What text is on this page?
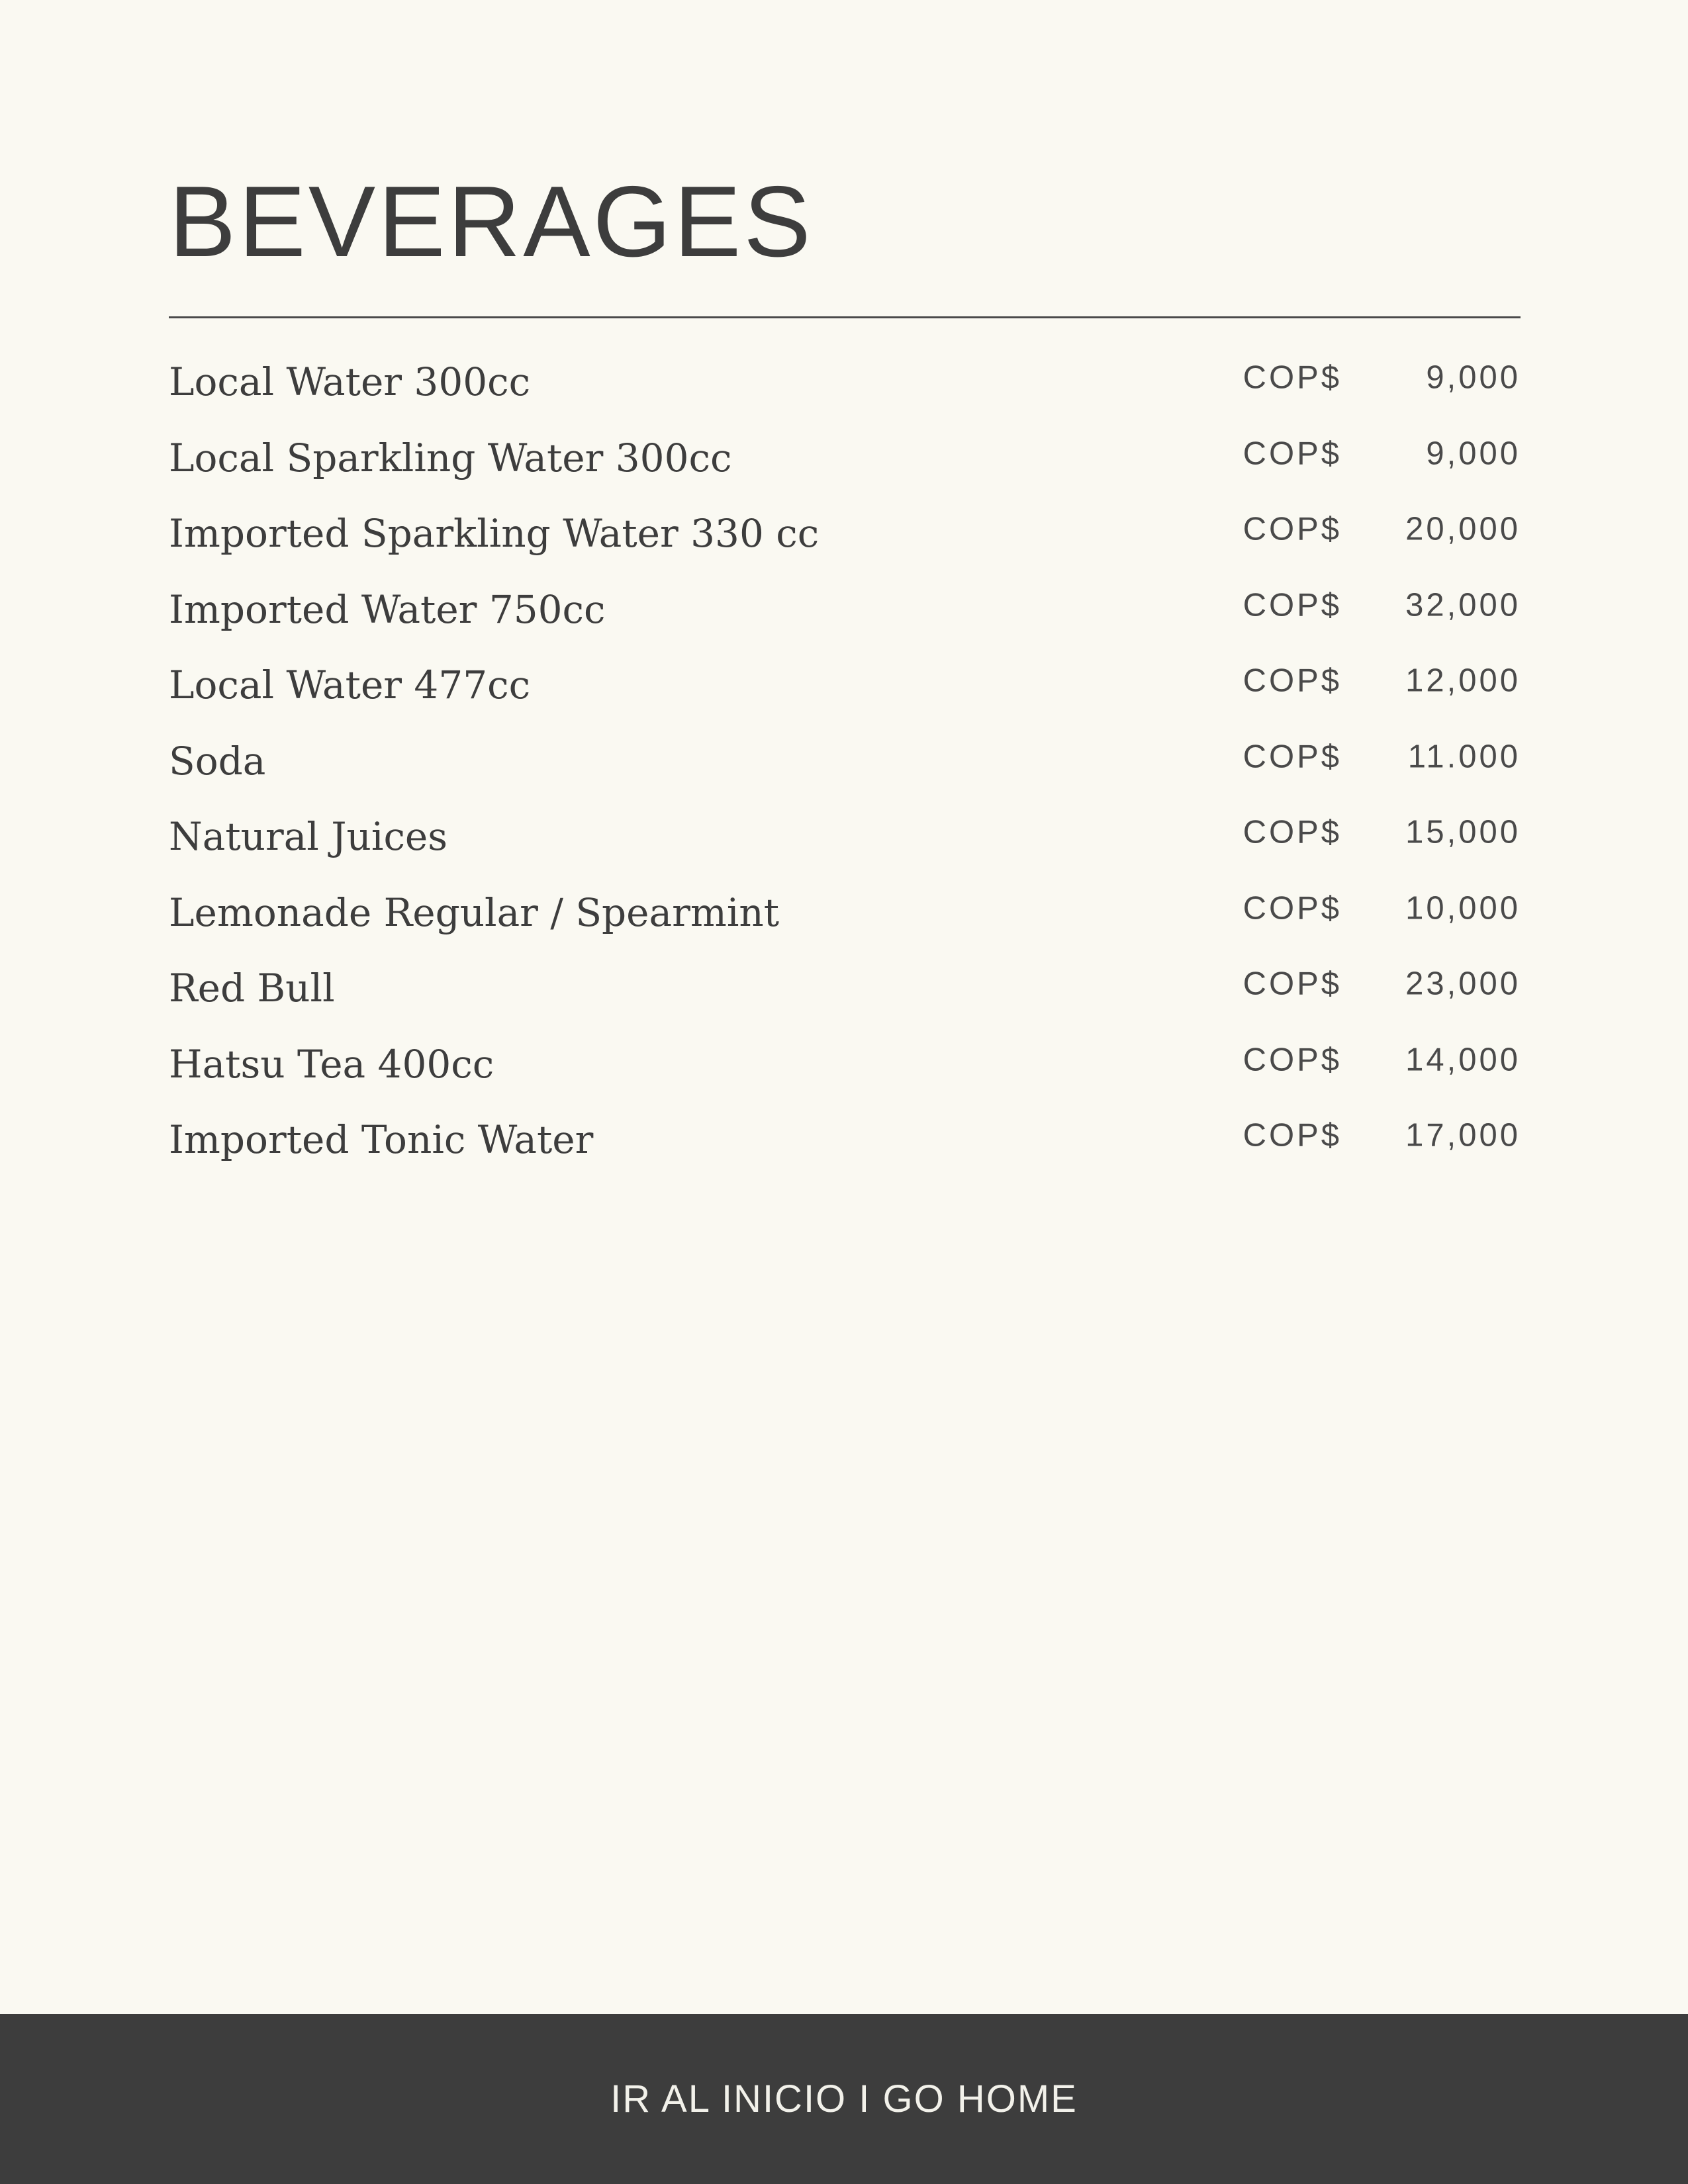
BEVERAGES
Local Water 300cc	COP$	9,000
Local Sparkling Water 300cc	COP$	9,000
Imported Sparkling Water 330 cc	COP$ 20,000
Imported Water 750cc	COP$ 32,000
Local Water 477cc	COP$ 12,000
Soda	COP$ 11.000
Natural Juices	COP$ 15,000
Lemonade Regular / Spearmint	COP$ 10,000
Red Bull	COP$ 23,000
Hatsu Tea 400cc	COP$ 14,000
Imported Tonic Water	COP$ 17,000
IR AL INICIO I GO HOME
